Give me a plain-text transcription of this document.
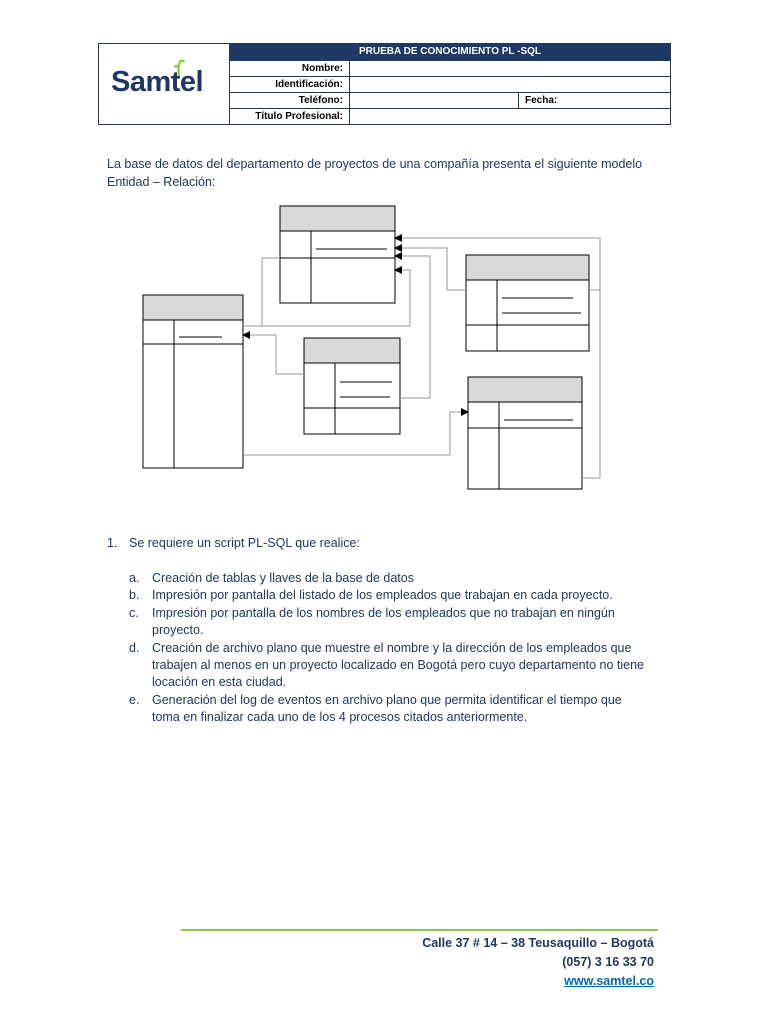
Samtel
PRUEBA DE CONOCIMIENTO PL -SQL
Nombre:
Identificación:
Teléfono:	Fecha:
Título Profesional:

La base de datos del departamento de proyectos de una compañía presenta el siguiente modelo Entidad – Relación:

1. Se requiere un script PL-SQL que realice:
a. Creación de tablas y llaves de la base de datos
b. Impresión por pantalla del listado de los empleados que trabajan en cada proyecto.
c. Impresión por pantalla de los nombres de los empleados que no trabajan en ningún proyecto.
d. Creación de archivo plano que muestre el nombre y la dirección de los empleados que trabajen al menos en un proyecto localizado en Bogotá pero cuyo departamento no tiene locación en esta ciudad.
e. Generación del log de eventos en archivo plano que permita identificar el tiempo que toma en finalizar cada uno de los 4 procesos citados anteriormente.
Calle 37 # 14 – 38 Teusaquillo – Bogotá
(057) 3 16 33 70
www.samtel.co
